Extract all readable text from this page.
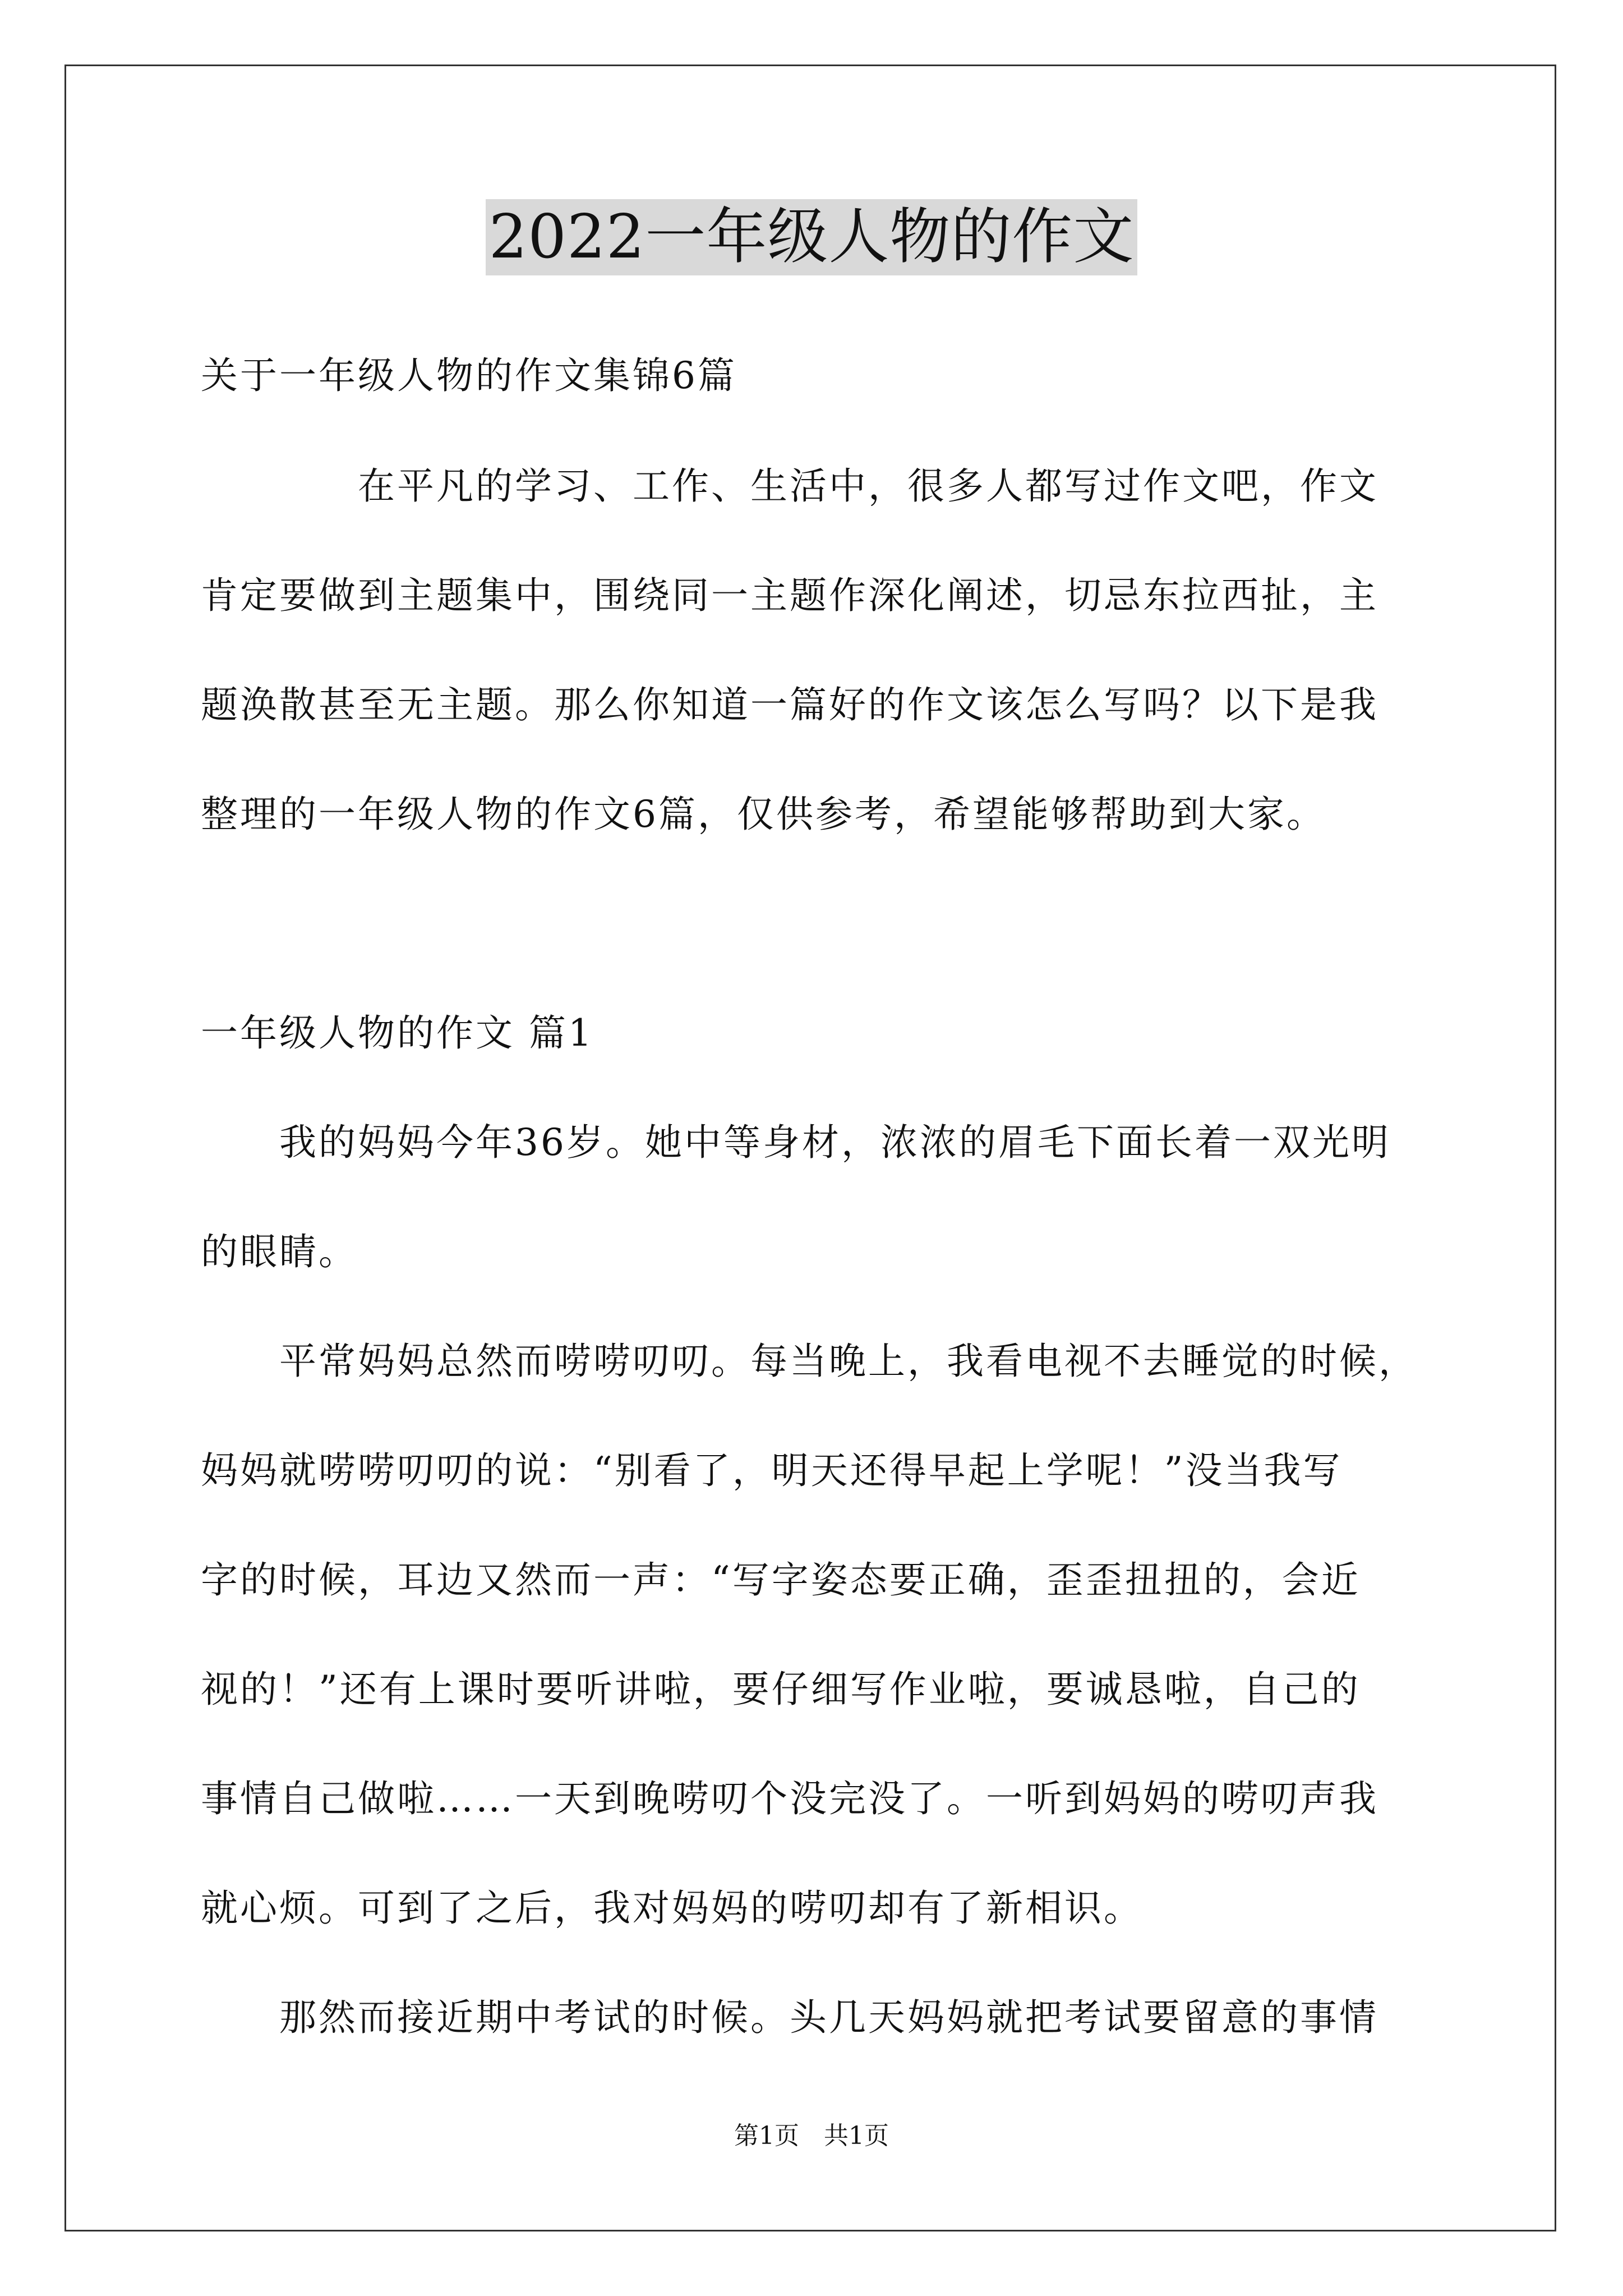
2022一年级人物的作文
关于一年级人物的作文集锦6篇
　　　　在平凡的学习、工作、生活中，很多人都写过作文吧，作文
肯定要做到主题集中，围绕同一主题作深化阐述，切忌东拉西扯，主
题涣散甚至无主题。那么你知道一篇好的作文该怎么写吗？以下是我
整理的一年级人物的作文6篇，仅供参考，希望能够帮助到大家。
一年级人物的作文 篇1
　　我的妈妈今年36岁。她中等身材，浓浓的眉毛下面长着一双光明
的眼睛。
　　平常妈妈总然而唠唠叨叨。每当晚上，我看电视不去睡觉的时候，
妈妈就唠唠叨叨的说：“别看了，明天还得早起上学呢！”没当我写
字的时候，耳边又然而一声：“写字姿态要正确，歪歪扭扭的，会近
视的！”还有上课时要听讲啦，要仔细写作业啦，要诚恳啦，自己的
事情自己做啦……一天到晚唠叨个没完没了。一听到妈妈的唠叨声我
就心烦。可到了之后，我对妈妈的唠叨却有了新相识。
　　那然而接近期中考试的时候。头几天妈妈就把考试要留意的事情
第1页　共1页
